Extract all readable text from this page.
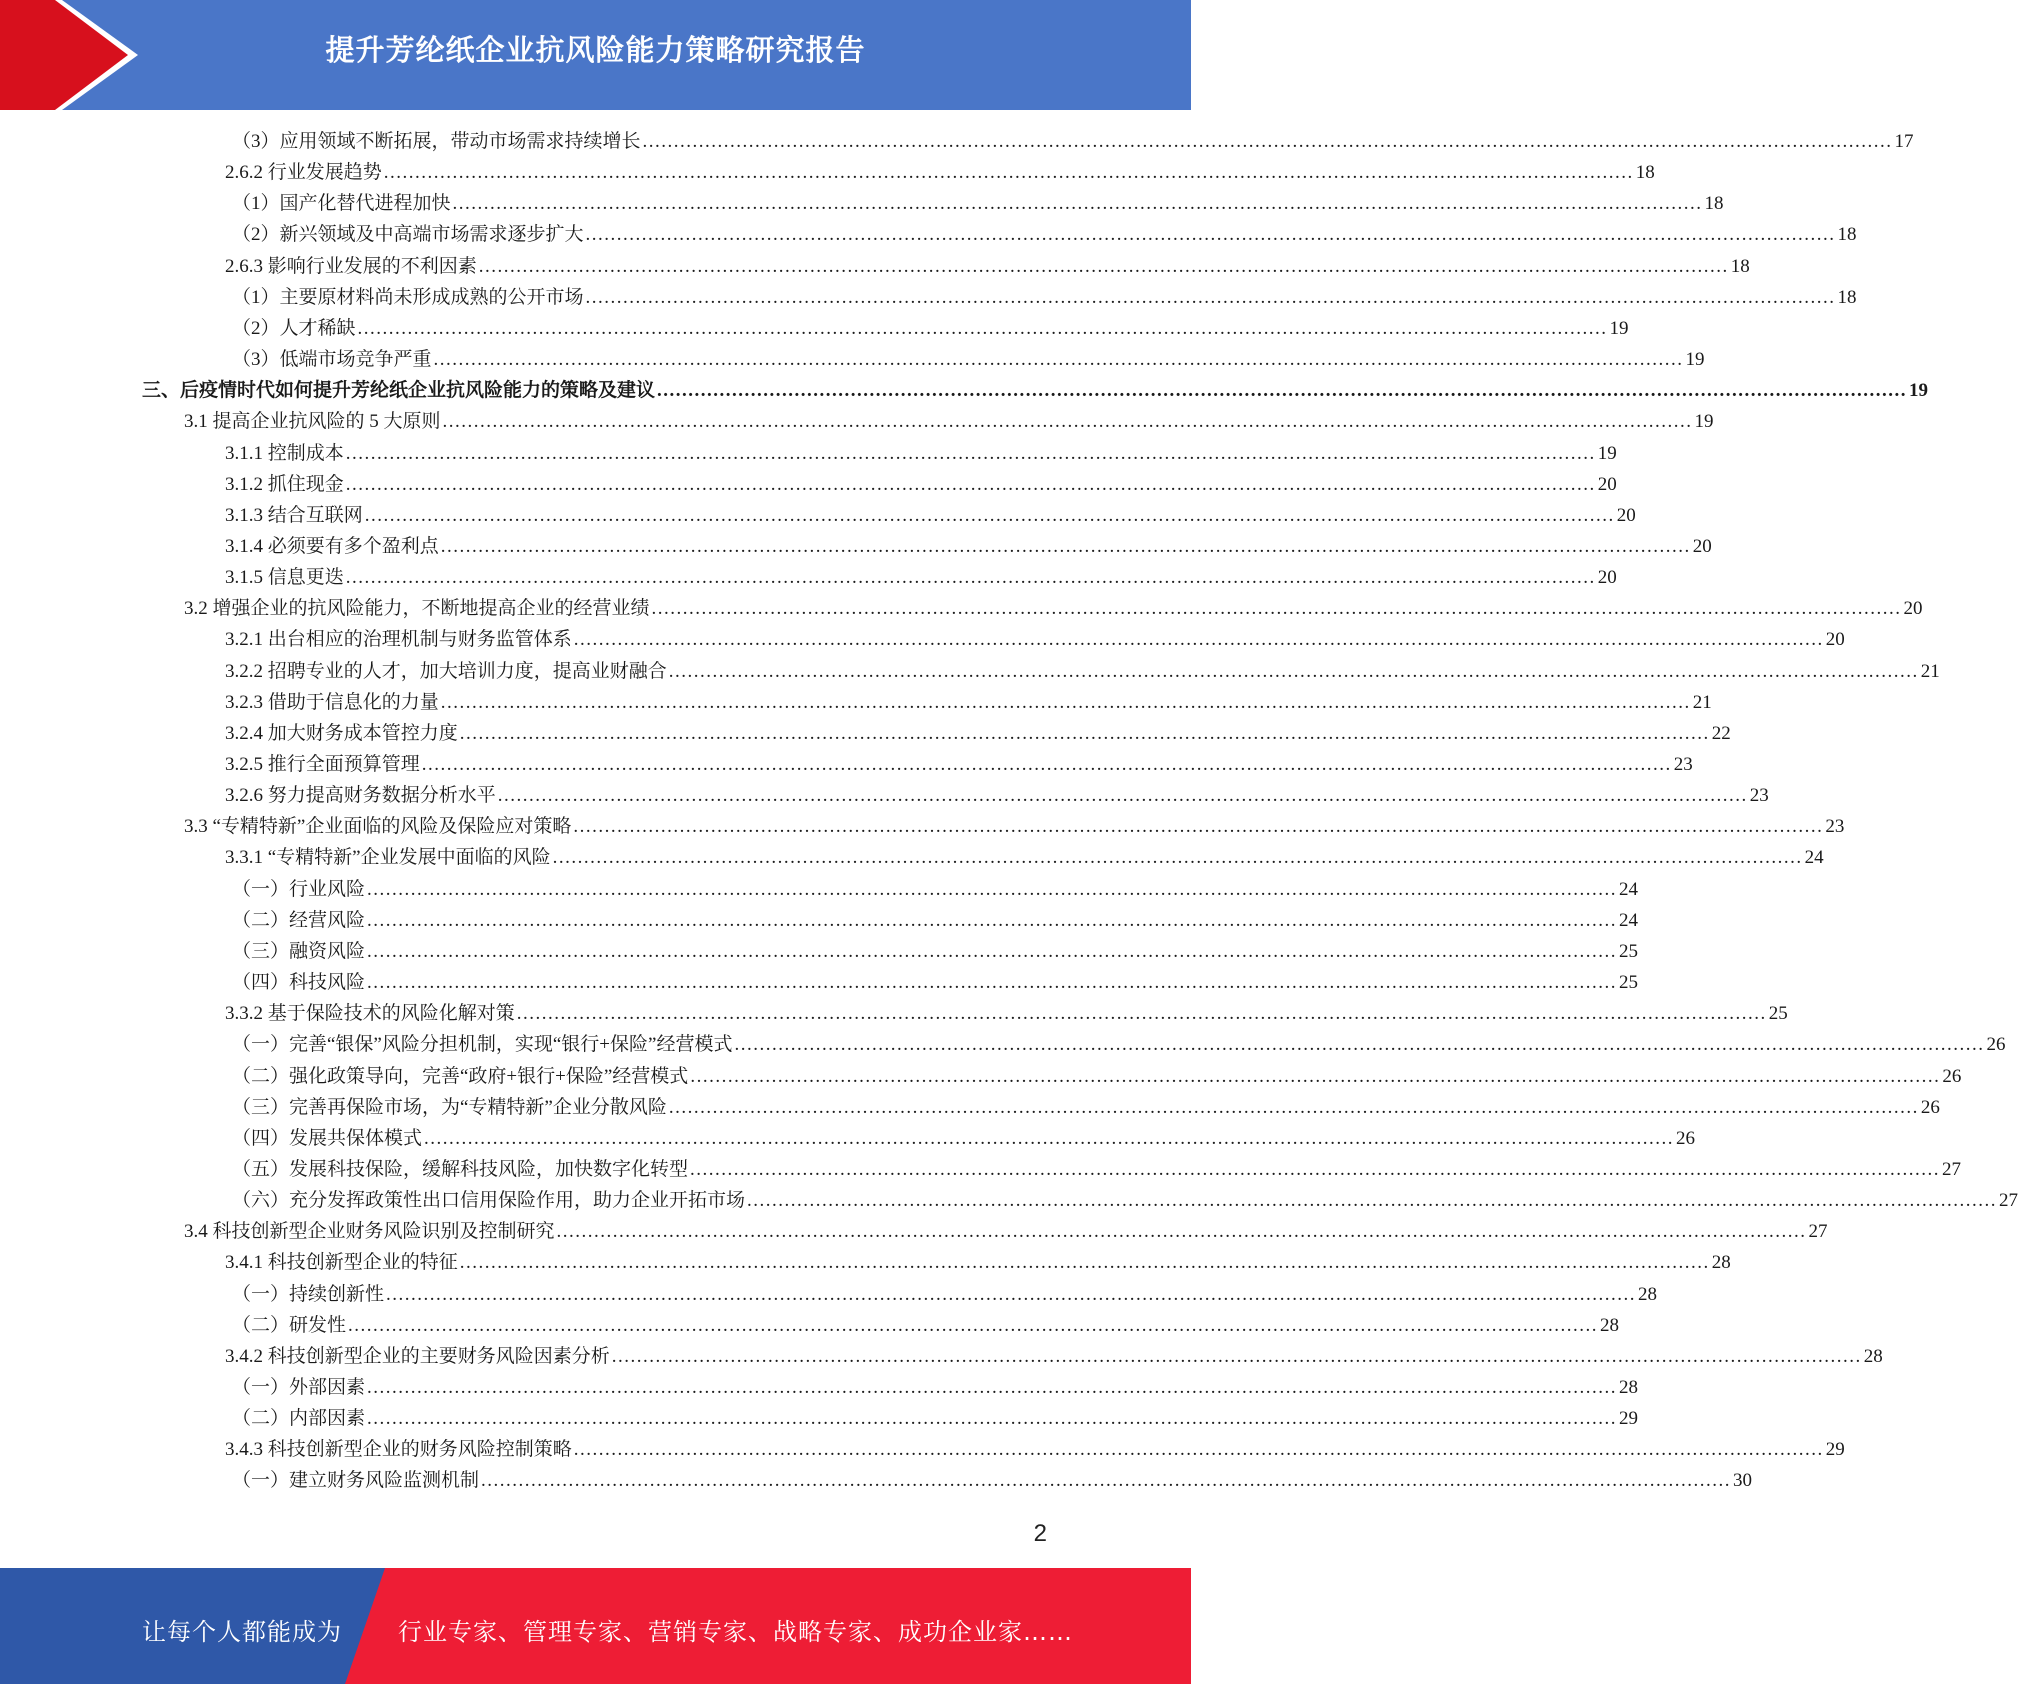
提升芳纶纸企业抗风险能力策略研究报告
（3）应用领域不断拓展，带动市场需求持续增长 ........................................................................................................................................................................................................ 17
2.6.2 行业发展趋势 ........................................................................................................................................................................................................ 18
（1）国产化替代进程加快 ........................................................................................................................................................................................................ 18
（2）新兴领域及中高端市场需求逐步扩大 ........................................................................................................................................................................................................ 18
2.6.3 影响行业发展的不利因素 ........................................................................................................................................................................................................ 18
（1）主要原材料尚未形成成熟的公开市场 ........................................................................................................................................................................................................ 18
（2）人才稀缺 ........................................................................................................................................................................................................ 19
（3）低端市场竞争严重 ........................................................................................................................................................................................................ 19
三、后疫情时代如何提升芳纶纸企业抗风险能力的策略及建议 ........................................................................................................................................................................................................ 19
3.1 提高企业抗风险的 5 大原则 ........................................................................................................................................................................................................ 19
3.1.1 控制成本 ........................................................................................................................................................................................................ 19
3.1.2 抓住现金 ........................................................................................................................................................................................................ 20
3.1.3 结合互联网 ........................................................................................................................................................................................................ 20
3.1.4 必须要有多个盈利点 ........................................................................................................................................................................................................ 20
3.1.5 信息更迭 ........................................................................................................................................................................................................ 20
3.2 增强企业的抗风险能力，不断地提高企业的经营业绩 ........................................................................................................................................................................................................ 20
3.2.1 出台相应的治理机制与财务监管体系 ........................................................................................................................................................................................................ 20
3.2.2 招聘专业的人才，加大培训力度，提高业财融合 ........................................................................................................................................................................................................ 21
3.2.3 借助于信息化的力量 ........................................................................................................................................................................................................ 21
3.2.4 加大财务成本管控力度 ........................................................................................................................................................................................................ 22
3.2.5 推行全面预算管理 ........................................................................................................................................................................................................ 23
3.2.6 努力提高财务数据分析水平 ........................................................................................................................................................................................................ 23
3.3 “专精特新”企业面临的风险及保险应对策略 ........................................................................................................................................................................................................ 23
3.3.1 “专精特新”企业发展中面临的风险 ........................................................................................................................................................................................................ 24
（一）行业风险 ........................................................................................................................................................................................................ 24
（二）经营风险 ........................................................................................................................................................................................................ 24
（三）融资风险 ........................................................................................................................................................................................................ 25
（四）科技风险 ........................................................................................................................................................................................................ 25
3.3.2 基于保险技术的风险化解对策 ........................................................................................................................................................................................................ 25
（一）完善“银保”风险分担机制，实现“银行+保险”经营模式 ........................................................................................................................................................................................................ 26
（二）强化政策导向，完善“政府+银行+保险”经营模式 ........................................................................................................................................................................................................ 26
（三）完善再保险市场，为“专精特新”企业分散风险 ........................................................................................................................................................................................................ 26
（四）发展共保体模式 ........................................................................................................................................................................................................ 26
（五）发展科技保险，缓解科技风险，加快数字化转型 ........................................................................................................................................................................................................ 27
（六）充分发挥政策性出口信用保险作用，助力企业开拓市场 ........................................................................................................................................................................................................ 27
3.4 科技创新型企业财务风险识别及控制研究 ........................................................................................................................................................................................................ 27
3.4.1 科技创新型企业的特征 ........................................................................................................................................................................................................ 28
（一）持续创新性 ........................................................................................................................................................................................................ 28
（二）研发性 ........................................................................................................................................................................................................ 28
3.4.2 科技创新型企业的主要财务风险因素分析 ........................................................................................................................................................................................................ 28
（一）外部因素 ........................................................................................................................................................................................................ 28
（二）内部因素 ........................................................................................................................................................................................................ 29
3.4.3 科技创新型企业的财务风险控制策略 ........................................................................................................................................................................................................ 29
（一）建立财务风险监测机制 ........................................................................................................................................................................................................ 30
2
让每个人都能成为 行业专家、管理专家、营销专家、战略专家、成功企业家……
